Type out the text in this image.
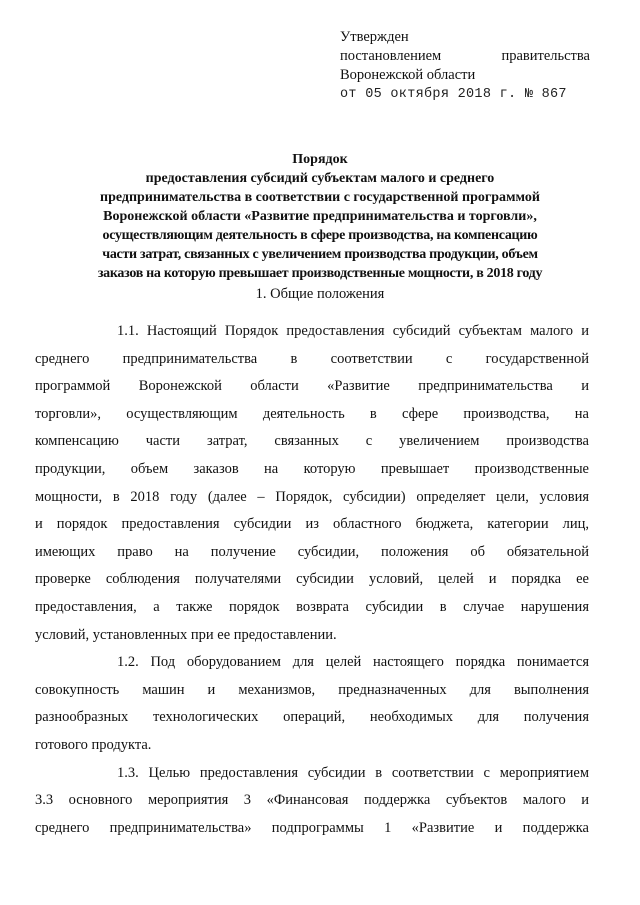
Утвержден
постановлением	правительства
Воронежской области
от 05 октября 2018 г. № 867
Порядок
предоставления субсидий субъектам малого и среднего
предпринимательства в соответствии с государственной программой
Воронежской области «Развитие предпринимательства и торговли»,
осуществляющим деятельность в сфере производства, на компенсацию
части затрат, связанных с увеличением производства продукции, объем
заказов на которую превышает производственные мощности, в 2018 году
1. Общие положения
1.1. Настоящий Порядок предоставления субсидий субъектам малого и
среднего предпринимательства в соответствии с государственной
программой Воронежской области «Развитие предпринимательства и
торговли», осуществляющим деятельность в сфере производства, на
компенсацию части затрат, связанных с увеличением производства
продукции, объем заказов на которую превышает производственные
мощности, в 2018 году (далее – Порядок, субсидии) определяет цели, условия
и порядок предоставления субсидии из областного бюджета, категории лиц,
имеющих право на получение субсидии, положения об обязательной
проверке соблюдения получателями субсидии условий, целей и порядка ее
предоставления, а также порядок возврата субсидии в случае нарушения
условий, установленных при ее предоставлении.
1.2. Под оборудованием для целей настоящего порядка понимается
совокупность машин и механизмов, предназначенных для выполнения
разнообразных технологических операций, необходимых для получения
готового продукта.
1.3. Целью предоставления субсидии в соответствии с мероприятием
3.3 основного мероприятия 3 «Финансовая поддержка субъектов малого и
среднего предпринимательства» подпрограммы 1 «Развитие и поддержка
